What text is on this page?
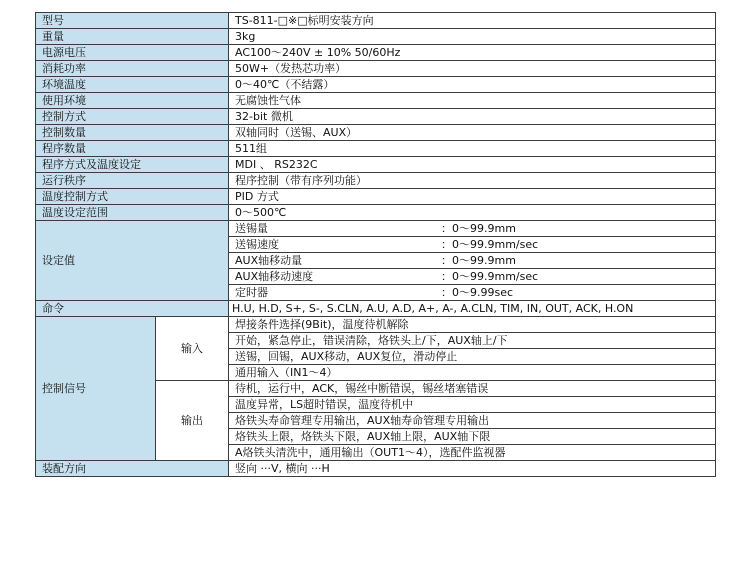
型号		TS-811-□※□标明安装方向
重量		3kg
电源电压		AC100～240V ± 10% 50/60Hz
消耗功率		50W+（发热芯功率）
环境温度		0～40℃（不结露）
使用环境		无腐蚀性气体
控制方式		32-bit 微机
控制数量		双轴同时（送锡、AUX）
程序数量		511组
程序方式及温度设定		MDI 、 RS232C
运行秩序		程序控制（带有序列功能）
温度控制方式		PID 方式
温度设定范围		0～500℃
设定值		送锡量 ：0～99.9mm

		送锡速度 ：0～99.9mm/sec

		AUX轴移动量 ：0～99.9mm

		AUX轴移动速度 ：0～99.9mm/sec

		定时器 ：0～9.99sec

命令		H.U, H.D, S+, S-, S.CLN, A.U, A.D, A+, A-, A.CLN, TIM, IN, OUT, ACK, H.ON
控制信号	输入	焊接条件选择(9Bit)，温度待机解除
		开始，紧急停止，错误清除，烙铁头上/下，AUX轴上/下
		送锡，回锡，AUX移动，AUX复位，滑动停止
		通用输入（IN1～4）
	输出	待机，运行中，ACK，锡丝中断错误，锡丝堵塞错误
		温度异常，LS超时错误，温度待机中
		烙铁头寿命管理专用输出，AUX轴寿命管理专用输出
		烙铁头上限，烙铁头下限，AUX轴上限，AUX轴下限
		A烙铁头清洗中，通用输出（OUT1～4），选配件监视器
装配方向		竖向 ···V, 横向 ···H
